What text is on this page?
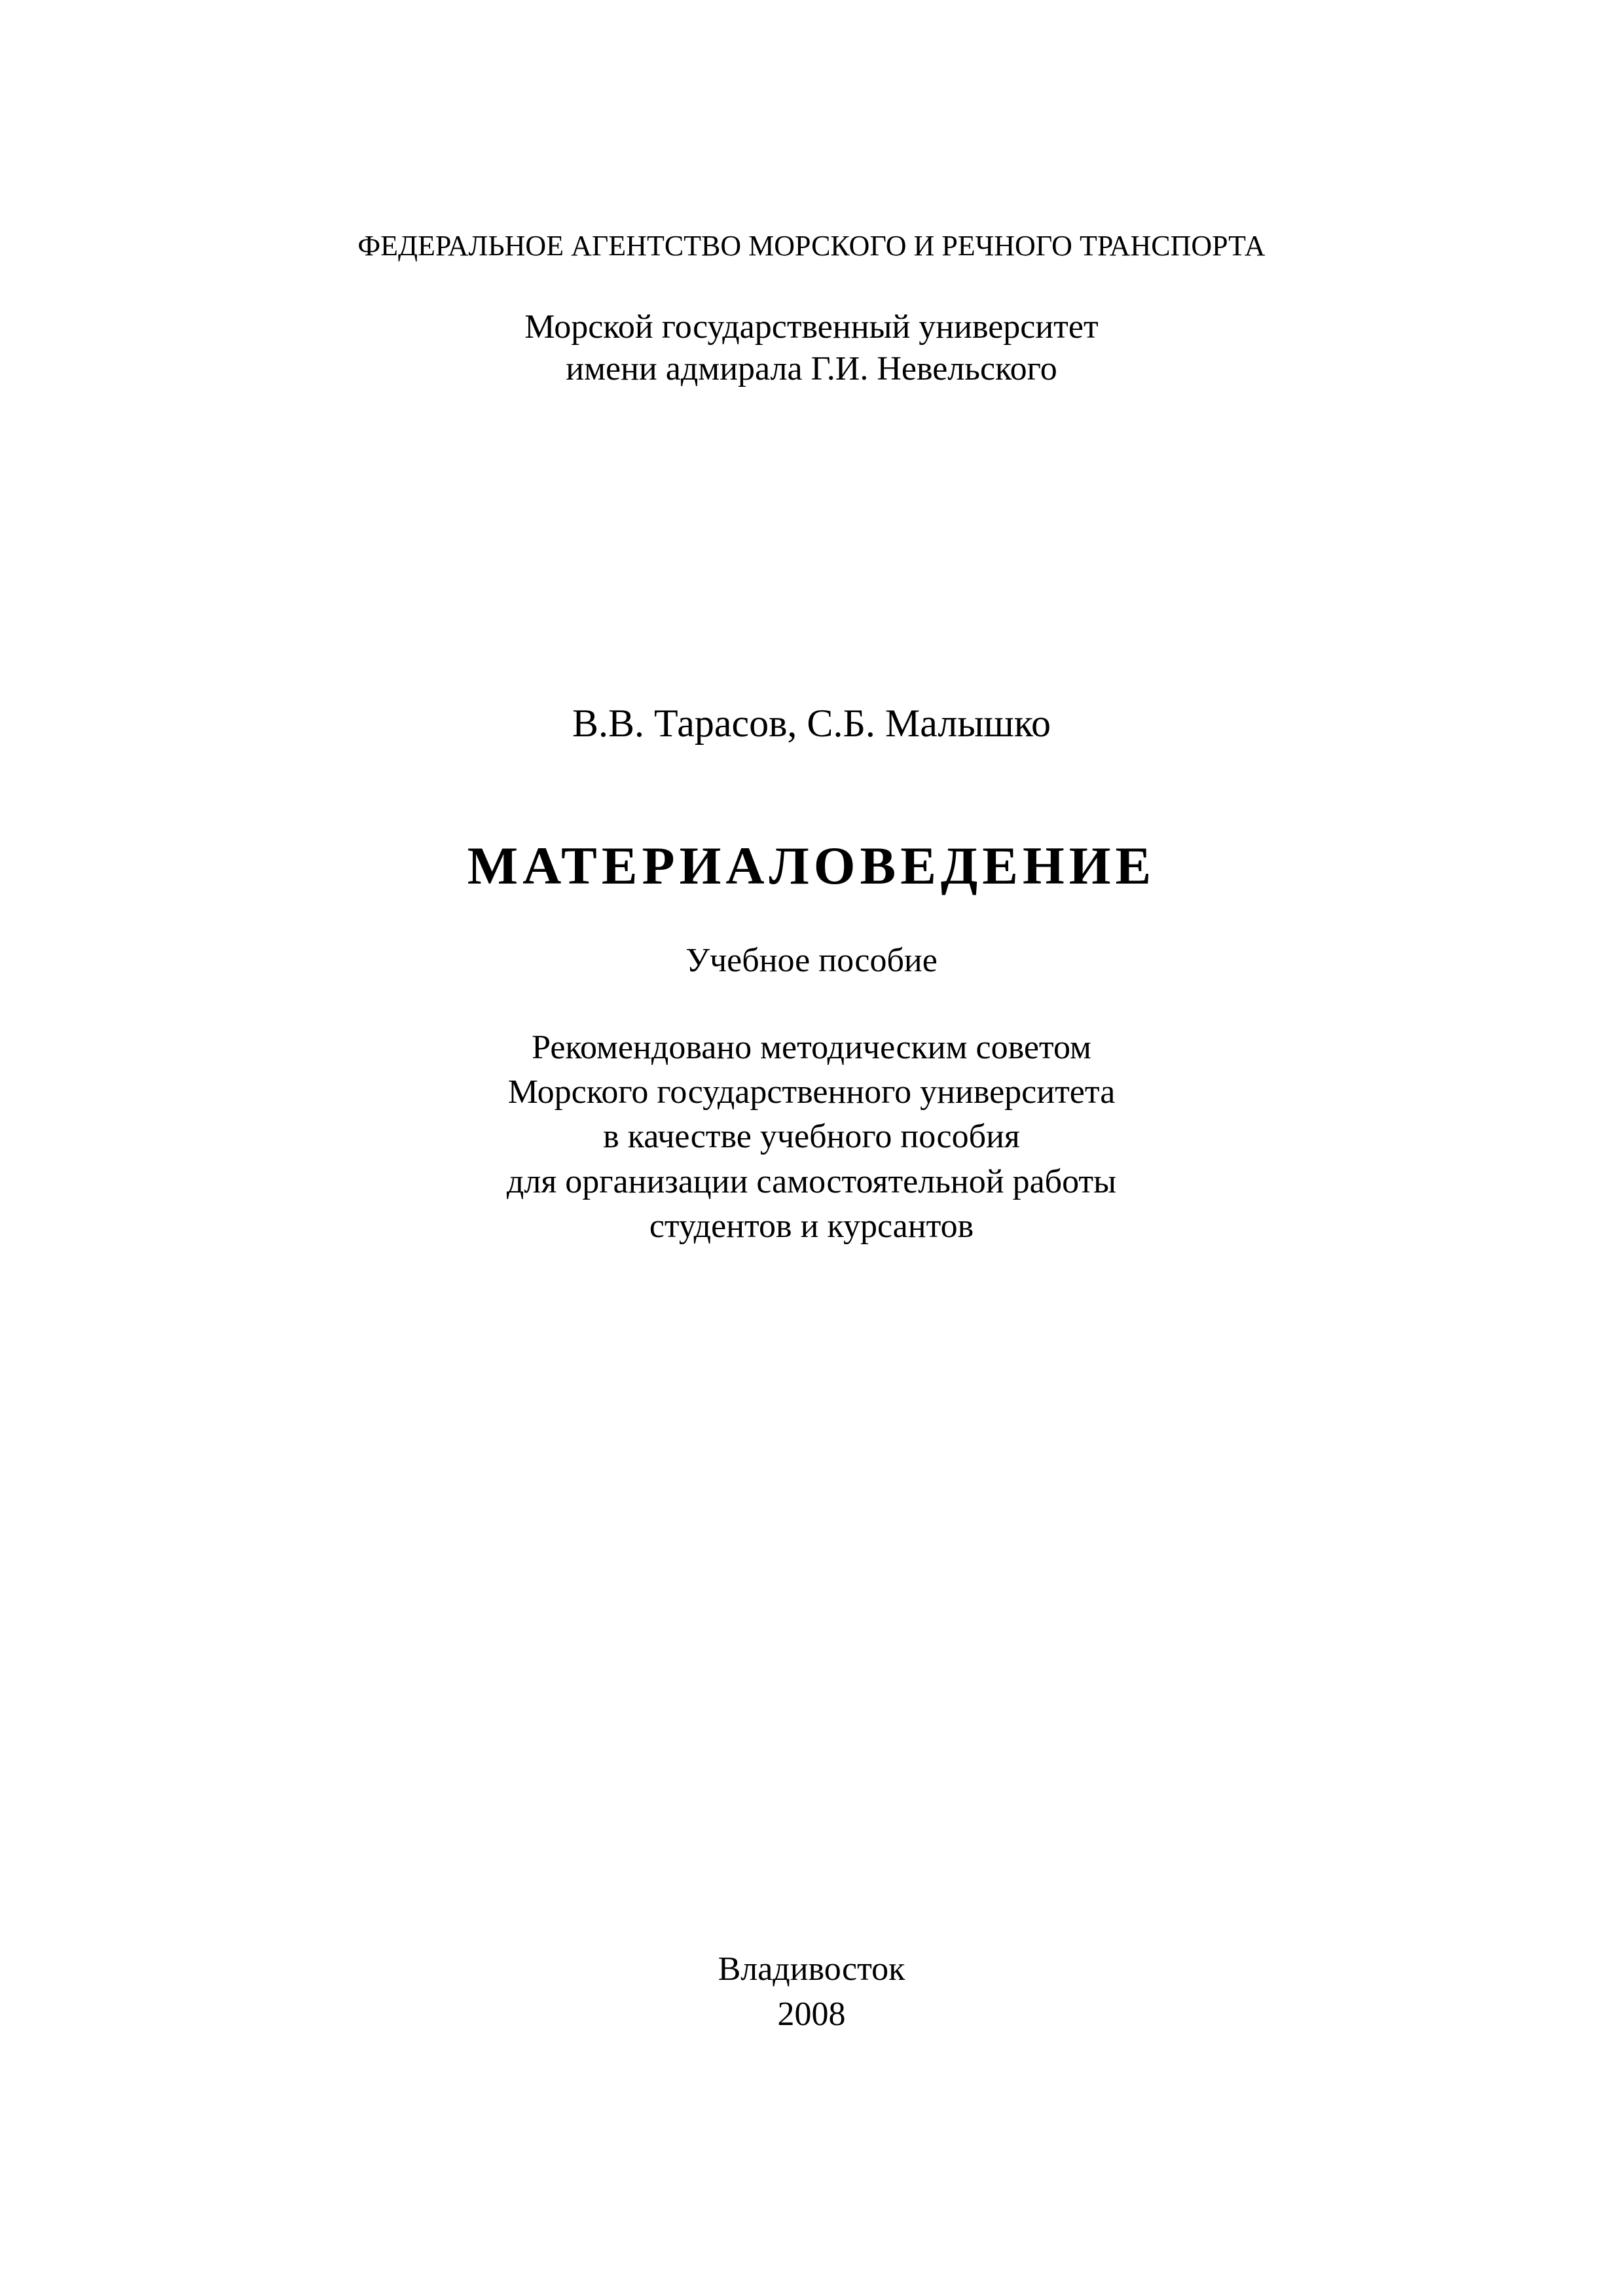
ФЕДЕРАЛЬНОЕ АГЕНТСТВО МОРСКОГО И РЕЧНОГО ТРАНСПОРТА
Морской государственный университет
имени адмирала Г.И. Невельского
В.В. Тарасов, С.Б. Малышко
МАТЕРИАЛОВЕДЕНИЕ
Учебное пособие
Рекомендовано методическим советом
Морского государственного университета
в качестве учебного пособия
для организации самостоятельной работы
студентов и курсантов
Владивосток
2008
